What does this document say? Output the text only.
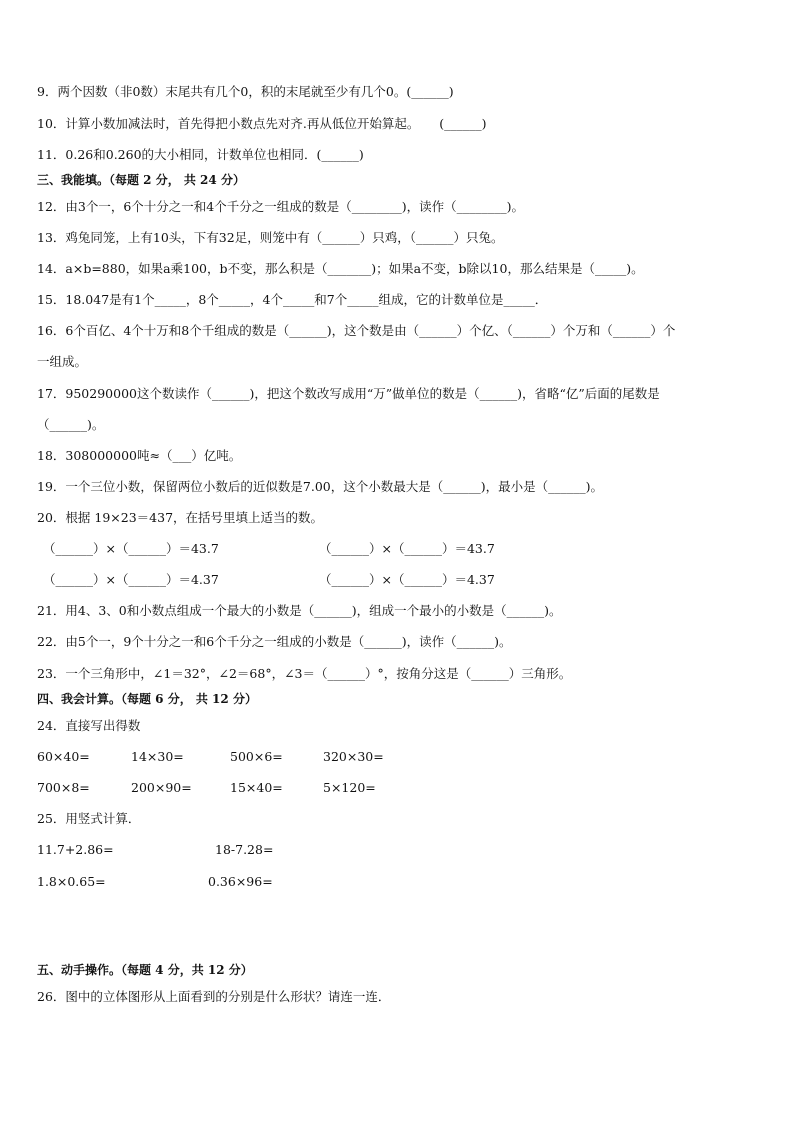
9．两个因数（非0数）末尾共有几个0，积的末尾就至少有几个0。(______)
10．计算小数加减法时，首先得把小数点先对齐.再从低位开始算起。     (______)
11．0.26和0.260的大小相同，计数单位也相同．(______)
三、我能填。（每题 2 分， 共 24 分）
12．由3个一，6个十分之一和4个千分之一组成的数是（________)，读作（________)。
13．鸡兔同笼，上有10头，下有32足，则笼中有（______）只鸡，（______）只兔。
14．a×b=880，如果a乘100，b不变，那么积是（_______)；如果a不变，b除以10，那么结果是（_____)。
15．18.047是有1个_____，8个_____，4个_____和7个_____组成，它的计数单位是_____．
16．6个百亿、4个十万和8个千组成的数是（______)，这个数是由（______）个亿、（______）个万和（______）个
一组成。
17．950290000这个数读作（______)，把这个数改写成用“万”做单位的数是（______)，省略“亿”后面的尾数是
（______)。
18．308000000吨≈（___）亿吨。
19．一个三位小数，保留两位小数后的近似数是7.00，这个小数最大是（______)，最小是（______)。
20．根据 19×23＝437，在括号里填上适当的数。
（______）×（______）＝43.7	（______）×（______）＝43.7
（______）×（______）＝4.37	（______）×（______）＝4.37
21．用4、3、0和小数点组成一个最大的小数是（______)，组成一个最小的小数是（______)。
22．由5个一，9个十分之一和6个千分之一组成的小数是（______)，读作（______)。
23．一个三角形中，∠1＝32°，∠2＝68°，∠3＝（______）°，按角分这是（______）三角形。
四、我会计算。（每题 6 分， 共 12 分）
24．直接写出得数
60×40=	14×30=	500×6=	320×30=
700×8=	200×90=	15×40=	5×120=
25．用竖式计算．
11.7+2.86=	18-7.28=
1.8×0.65=	0.36×96=
五、动手操作。（每题 4 分，共 12 分）
26．图中的立体图形从上面看到的分别是什么形状？请连一连．
